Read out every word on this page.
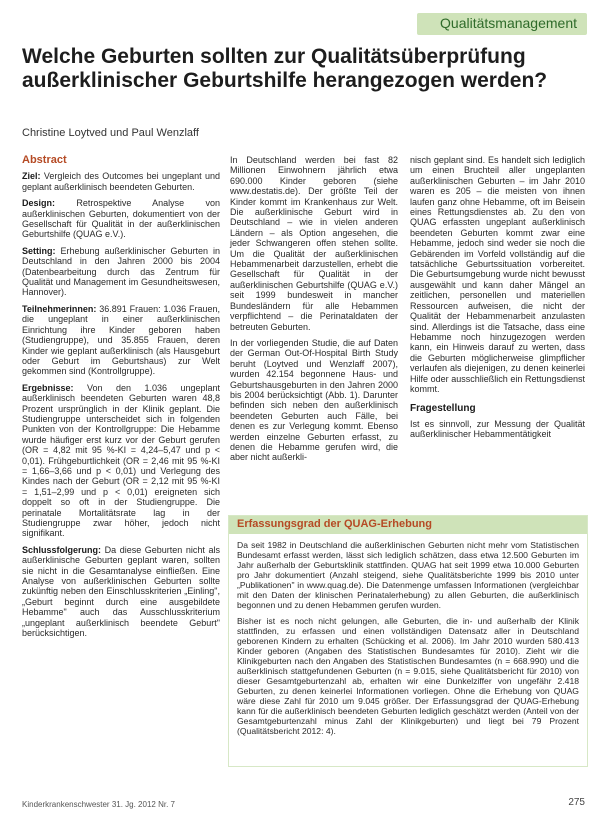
Qualitätsmanagement
Welche Geburten sollten zur Qualitätsüberprüfung außerklinischer Geburtshilfe herangezogen werden?
Christine Loytved und Paul Wenzlaff
Abstract

Ziel: Vergleich des Outcomes bei ungeplant und geplant außerklinisch beendeten Geburten.

Design: Retrospektive Analyse von außerklinischen Geburten, dokumentiert von der Gesellschaft für Qualität in der außerklinischen Geburtshilfe (QUAG e.V.).

Setting: Erhebung außerklinischer Geburten in Deutschland in den Jahren 2000 bis 2004 (Datenbearbeitung durch das Zentrum für Qualität und Management im Gesundheitswesen, Hannover).

Teilnehmerinnen: 36.891 Frauen: 1.036 Frauen, die ungeplant in einer außerklinischen Einrichtung ihre Kinder geboren haben (Studiengruppe), und 35.855 Frauen, deren Kinder wie geplant außerklinisch (als Hausgeburt oder Geburt im Geburtshaus) zur Welt gekommen sind (Kontrollgruppe).

Ergebnisse: Von den 1.036 ungeplant außerklinisch beendeten Geburten waren 48,8 Prozent ursprünglich in der Klinik geplant. Die Studiengruppe unterscheidet sich in folgenden Punkten von der Kontrollgruppe: Die Hebamme wurde häufiger erst kurz vor der Geburt gerufen (OR = 4,82 mit 95 %-KI = 4,24–5,47 und p < 0,01). Frühgeburtlichkeit (OR = 2,46 mit 95 %-KI = 1,66–3,66 und p < 0,01) und Verlegung des Kindes nach der Geburt (OR = 2,12 mit 95 %-KI = 1,51–2,99 und p < 0,01) ereigneten sich doppelt so oft in der Studiengruppe. Die perinatale Mortalitätsrate lag in der Studiengruppe zwar höher, jedoch nicht signifikant.

Schlussfolgerung: Da diese Geburten nicht als außerklinische Geburten geplant waren, sollten sie nicht in die Gesamtanalyse einfließen. Eine Analyse von außerklinischen Geburten sollte zukünftig neben den Einschlusskriterien „Einling", „Geburt beginnt durch eine ausgebildete Hebamme" auch das Ausschlusskriterium „ungeplant außerklinisch beendete Geburt" berücksichtigen.

In Deutschland werden bei fast 82 Millionen Einwohnern jährlich etwa 690.000 Kinder geboren (siehe www.destatis.de). Der größte Teil der Kinder kommt im Krankenhaus zur Welt. Die außerklinische Geburt wird in Deutschland – wie in vielen anderen Ländern – als Option angesehen, die jeder Schwangeren offen stehen sollte. Um die Qualität der außerklinischen Hebammenarbeit darzustellen, erhebt die Gesellschaft für Qualität in der außerklinischen Geburtshilfe (QUAG e.V.) seit 1999 bundesweit in mancher Bundesländern für alle Hebammen verpflichtend – die Perinataldaten der betreuten Geburten.

In der vorliegenden Studie, die auf Daten der German Out-Of-Hospital Birth Study beruht (Loytved und Wenzlaff 2007), wurden 42.154 begonnene Haus- und Geburtshausgeburten in den Jahren 2000 bis 2004 berücksichtigt (Abb. 1). Darunter befinden sich neben den außerklinisch beendeten Geburten auch Fälle, bei denen es zur Verlegung kommt. Ebenso werden einzelne Geburten erfasst, zu denen die Hebamme gerufen wird, die aber nicht außerkli-

nisch geplant sind. Es handelt sich lediglich um einen Bruchteil aller ungeplanten außerklinischen Geburten – im Jahr 2010 waren es 205 – die meisten von ihnen laufen ganz ohne Hebamme, oft im Beisein eines Rettungsdienstes ab. Zu den von QUAG erfassten ungeplant außerklinisch beendeten Geburten kommt zwar eine Hebamme, jedoch sind weder sie noch die Gebärenden im Vorfeld vollständig auf die tatsächliche Geburtssituation vorbereitet. Die Geburtsumgebung wurde nicht bewusst ausgewählt und kann daher Mängel an zeitlichen, personellen und materiellen Ressourcen aufweisen, die nicht der Qualität der Hebammenarbeit anzulasten sind. Allerdings ist die Tatsache, dass eine Hebamme noch hinzugezogen werden kann, ein Hinweis darauf zu werten, dass die Geburten möglicherweise glimpflicher verlaufen als diejenigen, zu denen keinerlei Hilfe oder ausschließlich ein Rettungsdienst kommt.

Fragestellung

Ist es sinnvoll, zur Messung der Qualität außerklinischer Hebammentätigkeit

Erfassungsgrad der QUAG-Erhebung

Da seit 1982 in Deutschland die außerklinischen Geburten nicht mehr vom Statistischen Bundesamt erfasst werden, lässt sich lediglich schätzen, dass etwa 12.500 Geburten im Jahr außerhalb der Geburtsklinik stattfinden. QUAG hat seit 1999 etwa 10.000 Geburten pro Jahr dokumentiert (Anzahl steigend, siehe Qualitätsberichte 1999 bis 2010 unter „Publikationen" in www.quag.de). Die Datenmenge umfassen Informationen (vergleichbar mit den Daten der klinischen Perinatalerhebung) zu allen Geburten, die außerklinisch begonnen und zu denen Hebammen gerufen wurden.

Bisher ist es noch nicht gelungen, alle Geburten, die in- und außerhalb der Klinik stattfinden, zu erfassen und einen vollständigen Datensatz aller in Deutschland geborenen Kindern zu erhalten (Schücking et al. 2006). Im Jahr 2010 wurden 580.413 Kinder geboren (Angaben des Statistischen Bundesamtes für 2010). Zieht wir die Klinikgeburten nach den Angaben des Statistischen Bundesamtes (n = 668.990) und die außerklinisch stattgefundenen Geburten (n = 9.015, siehe Qualitätsbericht für 2010) von dieser Gesamtgeburtenzahl ab, erhalten wir eine Dunkelziffer von ungefähr 2.418 Geburten, zu denen keinerlei Informationen vorliegen. Ohne die Erhebung von QUAG wäre diese Zahl für 2010 um 9.045 größer. Der Erfassungsgrad der QUAG-Erhebung kann für die außerklinisch beendeten Geburten lediglich geschätzt werden (Anteil von der Gesamtgeburtenzahl minus Zahl der Klinikgeburten) und liegt bei 79 Prozent (Qualitätsbericht 2012: 4).

Kinderkrankenschwester 31. Jg. 2012 Nr. 7	275
